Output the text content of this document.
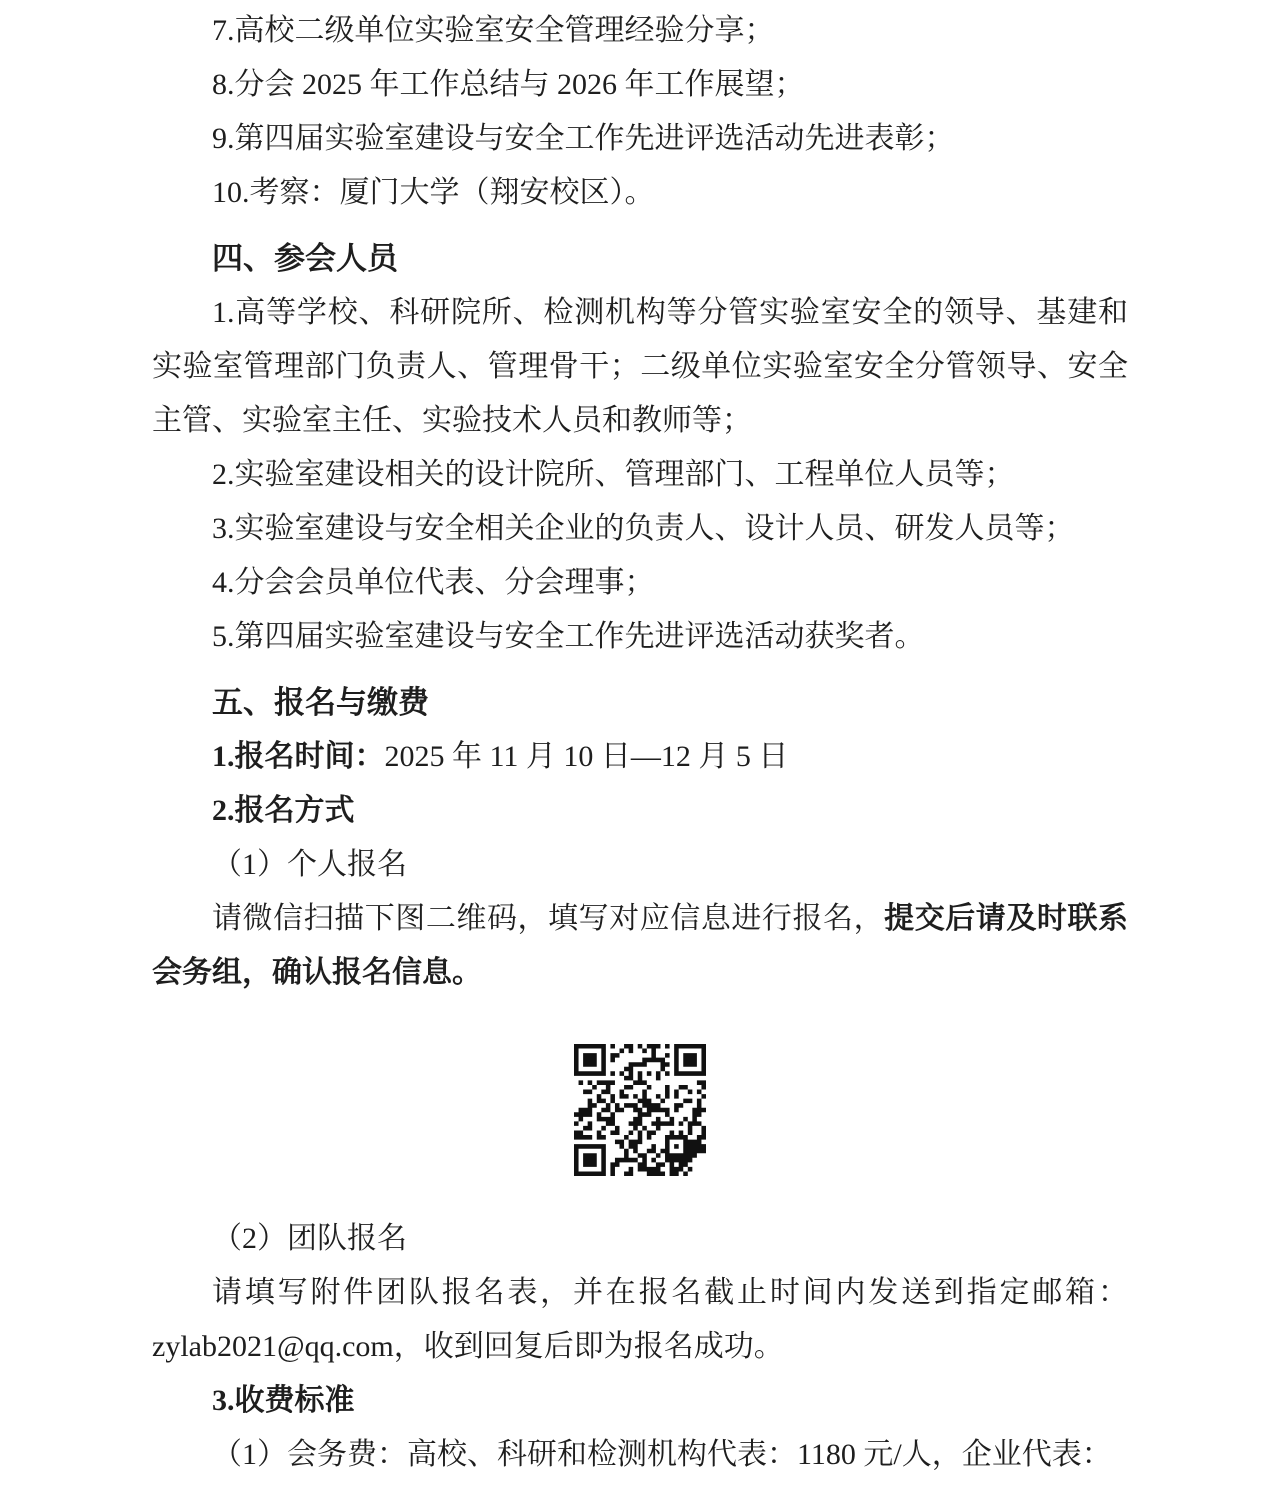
7.高校二级单位实验室安全管理经验分享；

8.分会 2025 年工作总结与 2026 年工作展望；

9.第四届实验室建设与安全工作先进评选活动先进表彰；

10.考察：厦门大学（翔安校区）。

四、参会人员

1.高等学校、科研院所、检测机构等分管实验室安全的领导、基建和实验室管理部门负责人、管理骨干；二级单位实验室安全分管领导、安全主管、实验室主任、实验技术人员和教师等；

2.实验室建设相关的设计院所、管理部门、工程单位人员等；

3.实验室建设与安全相关企业的负责人、设计人员、研发人员等；

4.分会会员单位代表、分会理事；

5.第四届实验室建设与安全工作先进评选活动获奖者。

五、报名与缴费

1.报名时间：2025 年 11 月 10 日—12 月 5 日

2.报名方式

（1）个人报名

请微信扫描下图二维码，填写对应信息进行报名，提交后请及时联系会务组，确认报名信息。

（2）团队报名

请填写附件团队报名表，并在报名截止时间内发送到指定邮箱：zylab2021@qq.com，收到回复后即为报名成功。

3.收费标准

（1）会务费：高校、科研和检测机构代表：1180 元/人，企业代表：
